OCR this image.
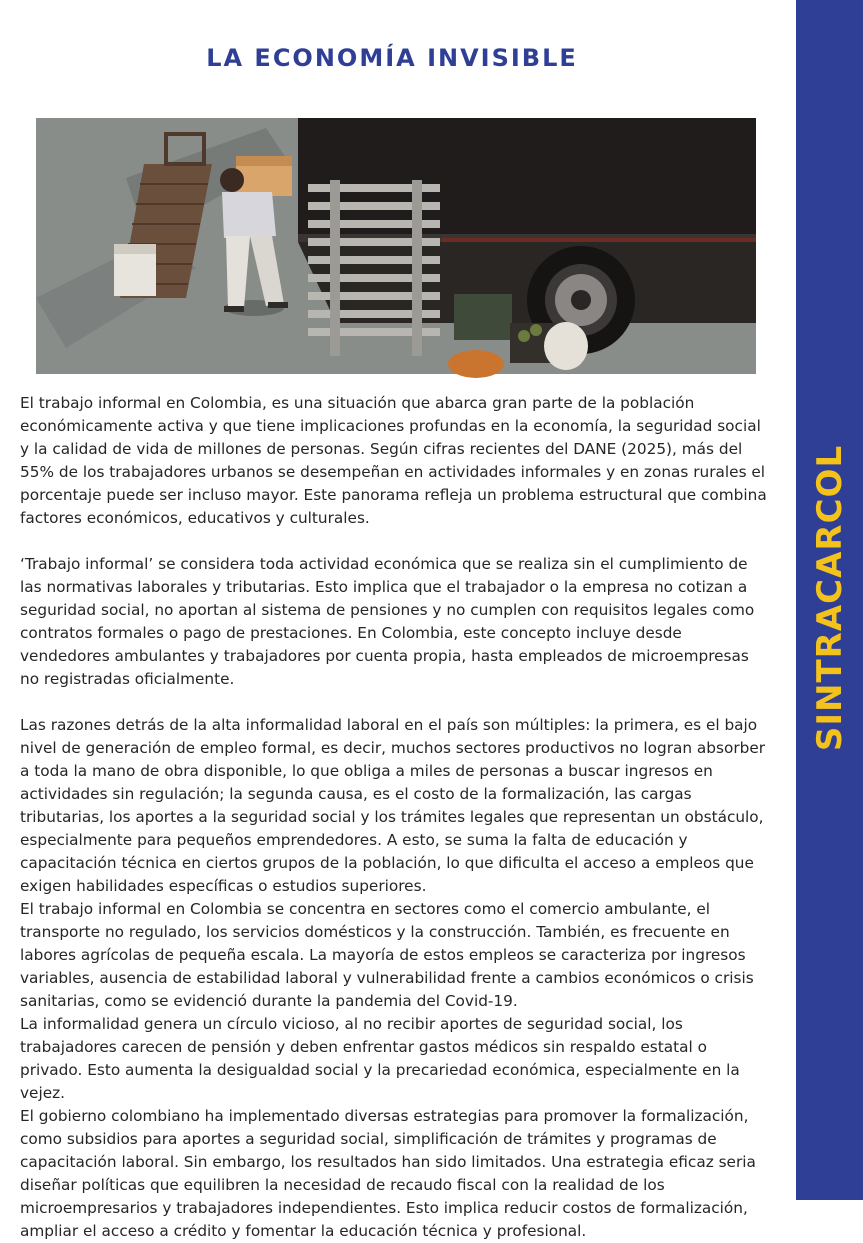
LA ECONOMÍA INVISIBLE

El trabajo informal en Colombia, es una situación que abarca gran parte de la población económicamente activa y que tiene implicaciones profundas en la economía, la seguridad social y la calidad de vida de millones de personas. Según cifras recientes del DANE (2025), más del 55% de los trabajadores urbanos se desempeñan en actividades informales y en zonas rurales el porcentaje puede ser incluso mayor. Este panorama refleja un problema estructural que combina factores económicos, educativos y culturales.

‘Trabajo informal’ se considera toda actividad económica que se realiza sin el cumplimiento de las normativas laborales y tributarias. Esto implica que el trabajador o la empresa no cotizan a seguridad social, no aportan al sistema de pensiones y no cumplen con requisitos legales como contratos formales o pago de prestaciones. En Colombia, este concepto incluye desde vendedores ambulantes y trabajadores por cuenta propia, hasta empleados de microempresas no registradas oficialmente.

Las razones detrás de la alta informalidad laboral en el país son múltiples: la primera, es el bajo nivel de generación de empleo formal, es decir, muchos sectores productivos no logran absorber a toda la mano de obra disponible, lo que obliga a miles de personas a buscar ingresos en actividades sin regulación; la segunda causa, es el costo de la formalización, las cargas tributarias, los aportes a la seguridad social y los trámites legales que representan un obstáculo, especialmente para pequeños emprendedores. A esto, se suma la falta de educación y capacitación técnica en ciertos grupos de la población, lo que dificulta el acceso a empleos que exigen habilidades específicas o estudios superiores.

El trabajo informal en Colombia se concentra en sectores como el comercio ambulante, el transporte no regulado, los servicios domésticos y la construcción. También, es frecuente en labores agrícolas de pequeña escala. La mayoría de estos empleos se caracteriza por ingresos variables, ausencia de estabilidad laboral y vulnerabilidad frente a cambios económicos o crisis sanitarias, como se evidenció durante la pandemia del Covid-19.

La informalidad genera un círculo vicioso, al no recibir aportes de seguridad social, los trabajadores carecen de pensión y deben enfrentar gastos médicos sin respaldo estatal o privado. Esto aumenta la desigualdad social y la precariedad económica, especialmente en la vejez.

El gobierno colombiano ha implementado diversas estrategias para promover la formalización, como subsidios para aportes a seguridad social, simplificación de trámites y programas de capacitación laboral. Sin embargo, los resultados han sido limitados. Una estrategia eficaz seria diseñar políticas que equilibren la necesidad de recaudo fiscal con la realidad de los microempresarios y trabajadores independientes. Esto implica reducir costos de formalización, ampliar el acceso a crédito y fomentar la educación técnica y profesional.

SINTRACARCOL
